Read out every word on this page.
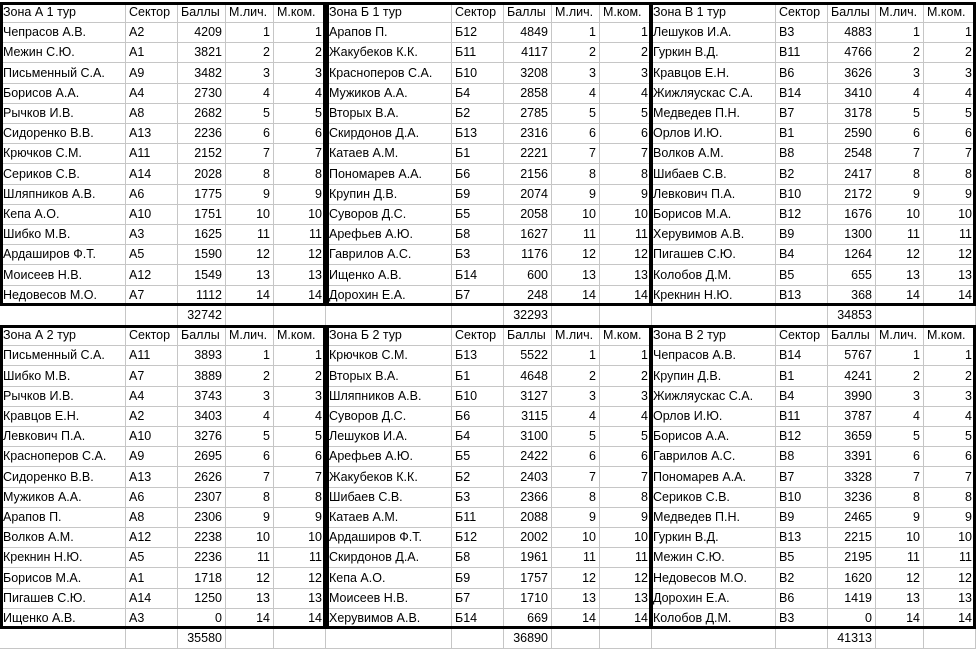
Зона А 1 тур	Сектор Баллы М.лич. М.ком.
Чепрасов А.В.	А2	4209	1	1
Межин С.Ю.	А1	3821	2	2
Письменный С.А.	А9	3482	3	3
Борисов А.А.	А4	2730	4	4
Рычков И.В.	А8	2682	5	5
Сидоренко В.В.	А13	2236	6	6
Крючков С.М.	А11	2152	7	7
Сериков С.В.	А14	2028	8	8
Шляпников А.В.	А6	1775	9	9
Кепа А.О.	А10	1751	10	10
Шибко М.В.	А3	1625	11	11
Ардаширов Ф.Т.	А5	1590	12	12
Моисеев Н.В.	А12	1549	13	13
Недовесов М.О.	А7	1112	14	14
32742
Зона Б 1 тур	Сектор Баллы М.лич. М.ком.
Арапов П.	Б12	4849	1	1
Жакубеков К.К.	Б11	4117	2	2
Красноперов С.А.	Б10	3208	3	3
Мужиков А.А.	Б4	2858	4	4
Вторых В.А.	Б2	2785	5	5
Скирдонов Д.А.	Б13	2316	6	6
Катаев А.М.	Б1	2221	7	7
Пономарев А.А.	Б6	2156	8	8
Крупин Д.В.	Б9	2074	9	9
Суворов Д.С.	Б5	2058	10	10
Арефьев А.Ю.	Б8	1627	11	11
Гаврилов А.С.	Б3	1176	12	12
Ищенко А.В.	Б14	600	13	13
Дорохин Е.А.	Б7	248	14	14
32293
Зона В 1 тур	Сектор Баллы М.лич. М.ком.
Лешуков И.А.	В3	4883	1	1
Гуркин В.Д.	В11	4766	2	2
Кравцов Е.Н.	В6	3626	3	3
Жижляускас С.А.	В14	3410	4	4
Медведев П.Н.	В7	3178	5	5
Орлов И.Ю.	В1	2590	6	6
Волков А.М.	В8	2548	7	7
Шибаев С.В.	В2	2417	8	8
Левкович П.А.	В10	2172	9	9
Борисов М.А.	В12	1676	10	10
Херувимов А.В.	В9	1300	11	11
Пигашев С.Ю.	В4	1264	12	12
Колобов Д.М.	В5	655	13	13
Крекнин Н.Ю.	В13	368	14	14
34853
Зона А 2 тур	Сектор Баллы М.лич. М.ком.
Письменный С.А.	А11	3893	1	1
Шибко М.В.	А7	3889	2	2
Рычков И.В.	А4	3743	3	3
Кравцов Е.Н.	А2	3403	4	4
Левкович П.А.	А10	3276	5	5
Красноперов С.А.	А9	2695	6	6
Сидоренко В.В.	А13	2626	7	7
Мужиков А.А.	А6	2307	8	8
Арапов П.	А8	2306	9	9
Волков А.М.	А12	2238	10	10
Крекнин Н.Ю.	А5	2236	11	11
Борисов М.А.	А1	1718	12	12
Пигашев С.Ю.	А14	1250	13	13
Ищенко А.В.	А3	0	14	14
35580
Зона Б 2 тур	Сектор Баллы М.лич. М.ком.
Крючков С.М.	Б13	5522	1	1
Вторых В.А.	Б1	4648	2	2
Шляпников А.В.	Б10	3127	3	3
Суворов Д.С.	Б6	3115	4	4
Лешуков И.А.	Б4	3100	5	5
Арефьев А.Ю.	Б5	2422	6	6
Жакубеков К.К.	Б2	2403	7	7
Шибаев С.В.	Б3	2366	8	8
Катаев А.М.	Б11	2088	9	9
Ардаширов Ф.Т.	Б12	2002	10	10
Скирдонов Д.А.	Б8	1961	11	11
Кепа А.О.	Б9	1757	12	12
Моисеев Н.В.	Б7	1710	13	13
Херувимов А.В.	Б14	669	14	14
36890
Зона В 2 тур	Сектор Баллы М.лич. М.ком.
Чепрасов А.В.	В14	5767	1	1
Крупин Д.В.	В1	4241	2	2
Жижляускас С.А.	В4	3990	3	3
Орлов И.Ю.	В11	3787	4	4
Борисов А.А.	В12	3659	5	5
Гаврилов А.С.	В8	3391	6	6
Пономарев А.А.	В7	3328	7	7
Сериков С.В.	В10	3236	8	8
Медведев П.Н.	В9	2465	9	9
Гуркин В.Д.	В13	2215	10	10
Межин С.Ю.	В5	2195	11	11
Недовесов М.О.	В2	1620	12	12
Дорохин Е.А.	В6	1419	13	13
Колобов Д.М.	В3	0	14	14
41313
